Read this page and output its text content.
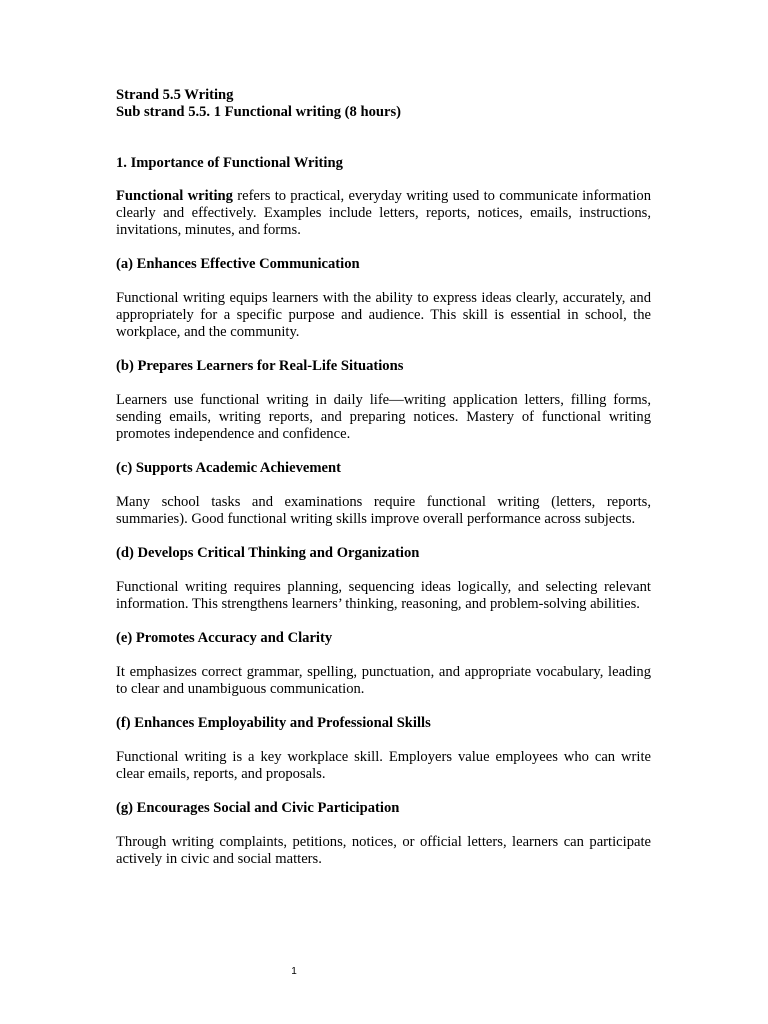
Strand 5.5 Writing
Sub strand 5.5. 1 Functional writing (8 hours)
1. Importance of Functional Writing

Functional writing refers to practical, everyday writing used to communicate information clearly and effectively. Examples include letters, reports, notices, emails, instructions, invitations, minutes, and forms.

(a) Enhances Effective Communication

Functional writing equips learners with the ability to express ideas clearly, accurately, and appropriately for a specific purpose and audience. This skill is essential in school, the workplace, and the community.

(b) Prepares Learners for Real-Life Situations

Learners use functional writing in daily life—writing application letters, filling forms, sending emails, writing reports, and preparing notices. Mastery of functional writing promotes independence and confidence.

(c) Supports Academic Achievement

Many school tasks and examinations require functional writing (letters, reports, summaries). Good functional writing skills improve overall performance across subjects.

(d) Develops Critical Thinking and Organization

Functional writing requires planning, sequencing ideas logically, and selecting relevant information. This strengthens learners’ thinking, reasoning, and problem-solving abilities.

(e) Promotes Accuracy and Clarity

It emphasizes correct grammar, spelling, punctuation, and appropriate vocabulary, leading to clear and unambiguous communication.

(f) Enhances Employability and Professional Skills

Functional writing is a key workplace skill. Employers value employees who can write clear emails, reports, and proposals.

(g) Encourages Social and Civic Participation

Through writing complaints, petitions, notices, or official letters, learners can participate actively in civic and social matters.

1
